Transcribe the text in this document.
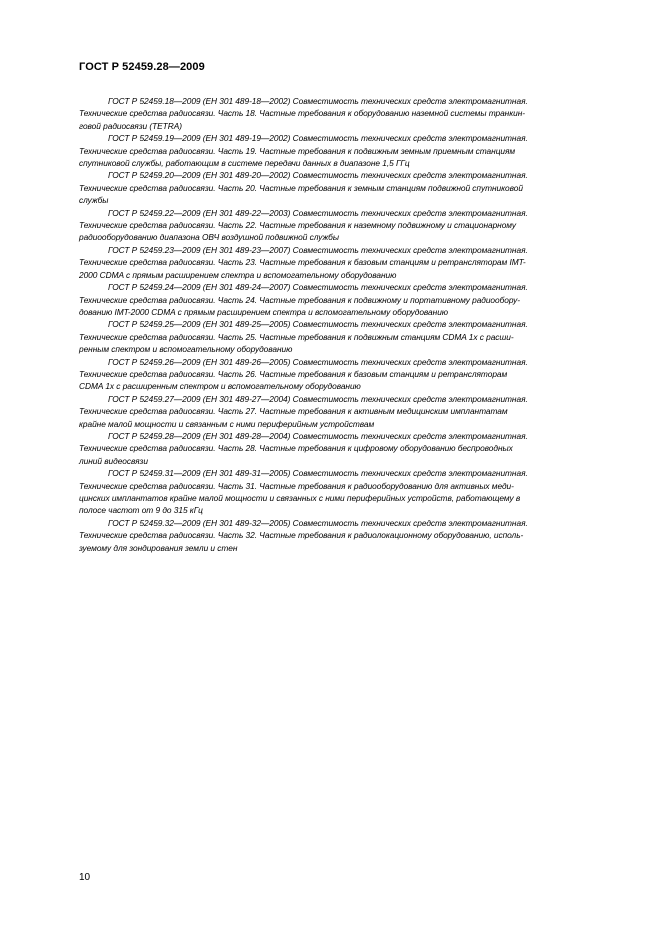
ГОСТ Р 52459.28—2009
ГОСТ Р 52459.18—2009 (ЕН 301 489-18—2002) Совместимость технических средств электромагнитная.
Технические средства радиосвязи. Часть 18. Частные требования к оборудованию наземной системы транкин-
говой радиосвязи (TETRA)
ГОСТ Р 52459.19—2009 (ЕН 301 489-19—2002) Совместимость технических средств электромагнитная.
Технические средства радиосвязи. Часть 19. Частные требования к подвижным земным приемным станциям
спутниковой службы, работающим в системе передачи данных в диапазоне 1,5 ГГц
ГОСТ Р 52459.20—2009 (ЕН 301 489-20—2002) Совместимость технических средств электромагнитная.
Технические средства радиосвязи. Часть 20. Частные требования к земным станциям подвижной спутниковой
службы
ГОСТ Р 52459.22—2009 (ЕН 301 489-22—2003) Совместимость технических средств электромагнитная.
Технические средства радиосвязи. Часть 22. Частные требования к наземному подвижному и стационарному
радиооборудованию диапазона ОВЧ воздушной подвижной службы
ГОСТ Р 52459.23—2009 (ЕН 301 489-23—2007) Совместимость технических средств электромагнитная.
Технические средства радиосвязи. Часть 23. Частные требования к базовым станциям и ретрансляторам IMT-
2000 CDMA с прямым расширением спектра и вспомогательному оборудованию
ГОСТ Р 52459.24—2009 (ЕН 301 489-24—2007) Совместимость технических средств электромагнитная.
Технические средства радиосвязи. Часть 24. Частные требования к подвижному и портативному радиообору-
дованию IMT-2000 CDMA с прямым расширением спектра и вспомогательному оборудованию
ГОСТ Р 52459.25—2009 (ЕН 301 489-25—2005) Совместимость технических средств электромагнитная.
Технические средства радиосвязи. Часть 25. Частные требования к подвижным станциям CDMA 1x с расши-
ренным спектром и вспомогательному оборудованию
ГОСТ Р 52459.26—2009 (ЕН 301 489-26—2005) Совместимость технических средств электромагнитная.
Технические средства радиосвязи. Часть 26. Частные требования к базовым станциям и ретрансляторам
CDMA 1x с расширенным спектром и вспомогательному оборудованию
ГОСТ Р 52459.27—2009 (ЕН 301 489-27—2004) Совместимость технических средств электромагнитная.
Технические средства радиосвязи. Часть 27. Частные требования к активным медицинским имплантатам
крайне малой мощности и связанным с ними периферийным устройствам
ГОСТ Р 52459.28—2009 (ЕН 301 489-28—2004) Совместимость технических средств электромагнитная.
Технические средства радиосвязи. Часть 28. Частные требования к цифровому оборудованию беспроводных
линий видеосвязи
ГОСТ Р 52459.31—2009 (ЕН 301 489-31—2005) Совместимость технических средств электромагнитная.
Технические средства радиосвязи. Часть 31. Частные требования к радиооборудованию для активных меди-
цинских имплантатов крайне малой мощности и связанных с ними периферийных устройств, работающему в
полосе частот от 9 до 315 кГц
ГОСТ Р 52459.32—2009 (ЕН 301 489-32—2005) Совместимость технических средств электромагнитная.
Технические средства радиосвязи. Часть 32. Частные требования к радиолокационному оборудованию, исполь-
зуемому для зондирования земли и стен
10
